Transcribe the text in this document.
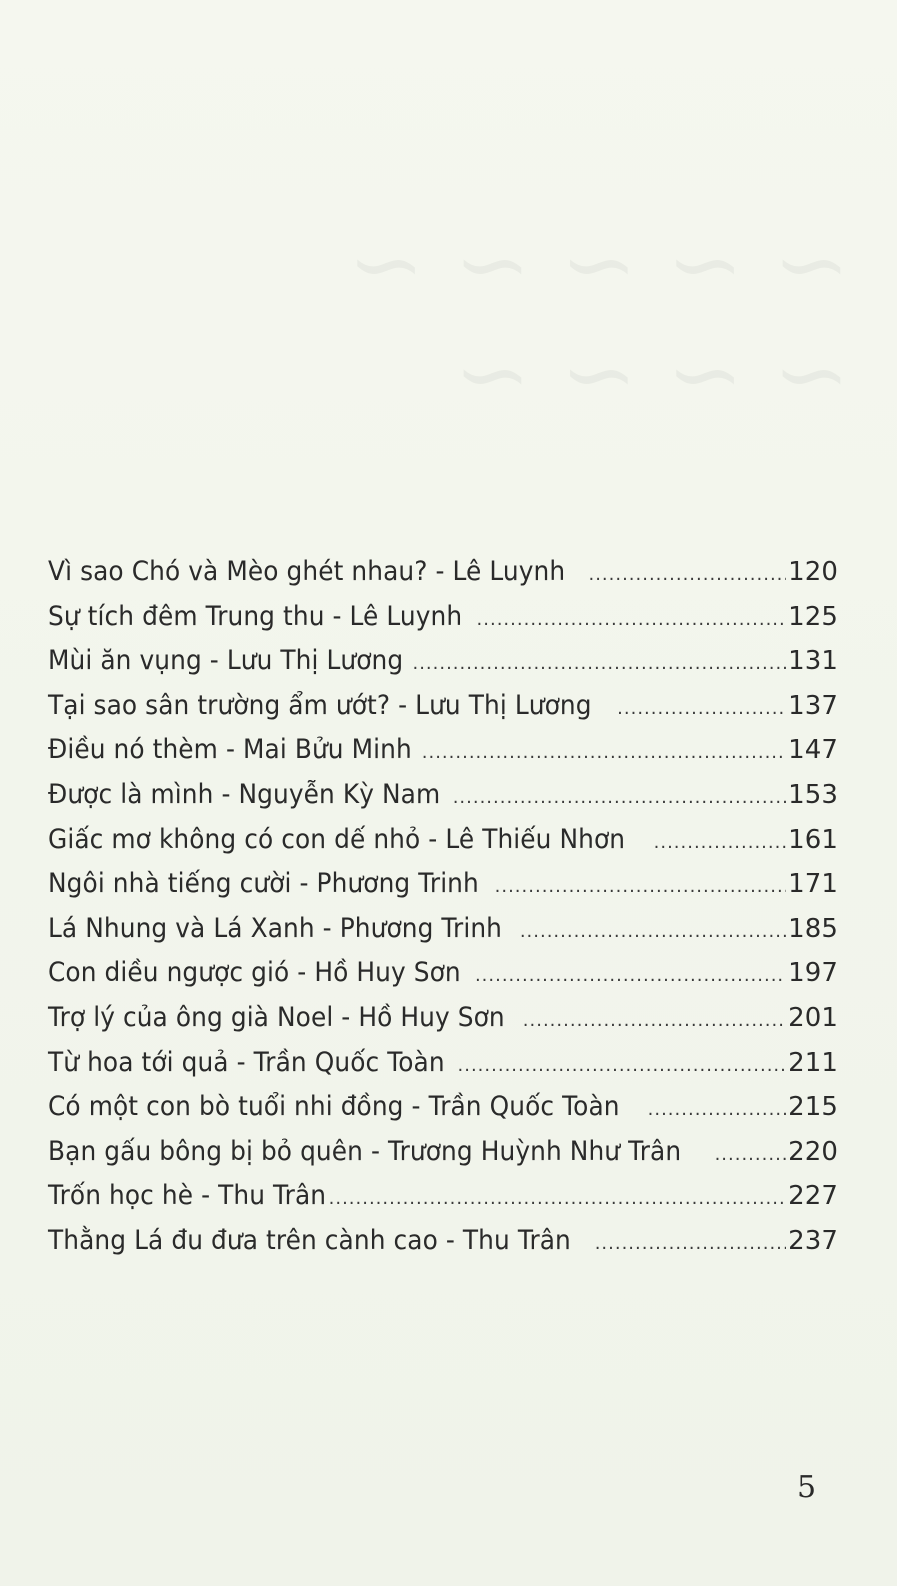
~ ~ ~ ~ ~
~ ~ ~ ~
Vì sao Chó và Mèo ghét nhau? - Lê Luynh .....	120
Sự tích đêm Trung thu - Lê Luynh .....	125
Mùi ăn vụng - Lưu Thị Lương .....	131
Tại sao sân trường ẩm ướt? - Lưu Thị Lương .....	137
Điều nó thèm - Mai Bửu Minh .....	147
Được là mình - Nguyễn Kỳ Nam .....	153
Giấc mơ không có con dế nhỏ - Lê Thiếu Nhơn .....	161
Ngôi nhà tiếng cười - Phương Trinh .....	171
Lá Nhung và Lá Xanh - Phương Trinh .....	185
Con diều ngược gió - Hồ Huy Sơn .....	197
Trợ lý của ông già Noel - Hồ Huy Sơn .....	201
Từ hoa tới quả - Trần Quốc Toàn .....	211
Có một con bò tuổi nhi đồng - Trần Quốc Toàn .....	215
Bạn gấu bông bị bỏ quên - Trương Huỳnh Như Trân .....	220
Trốn học hè - Thu Trân .....	227
Thằng Lá đu đưa trên cành cao - Thu Trân .....	237
5
